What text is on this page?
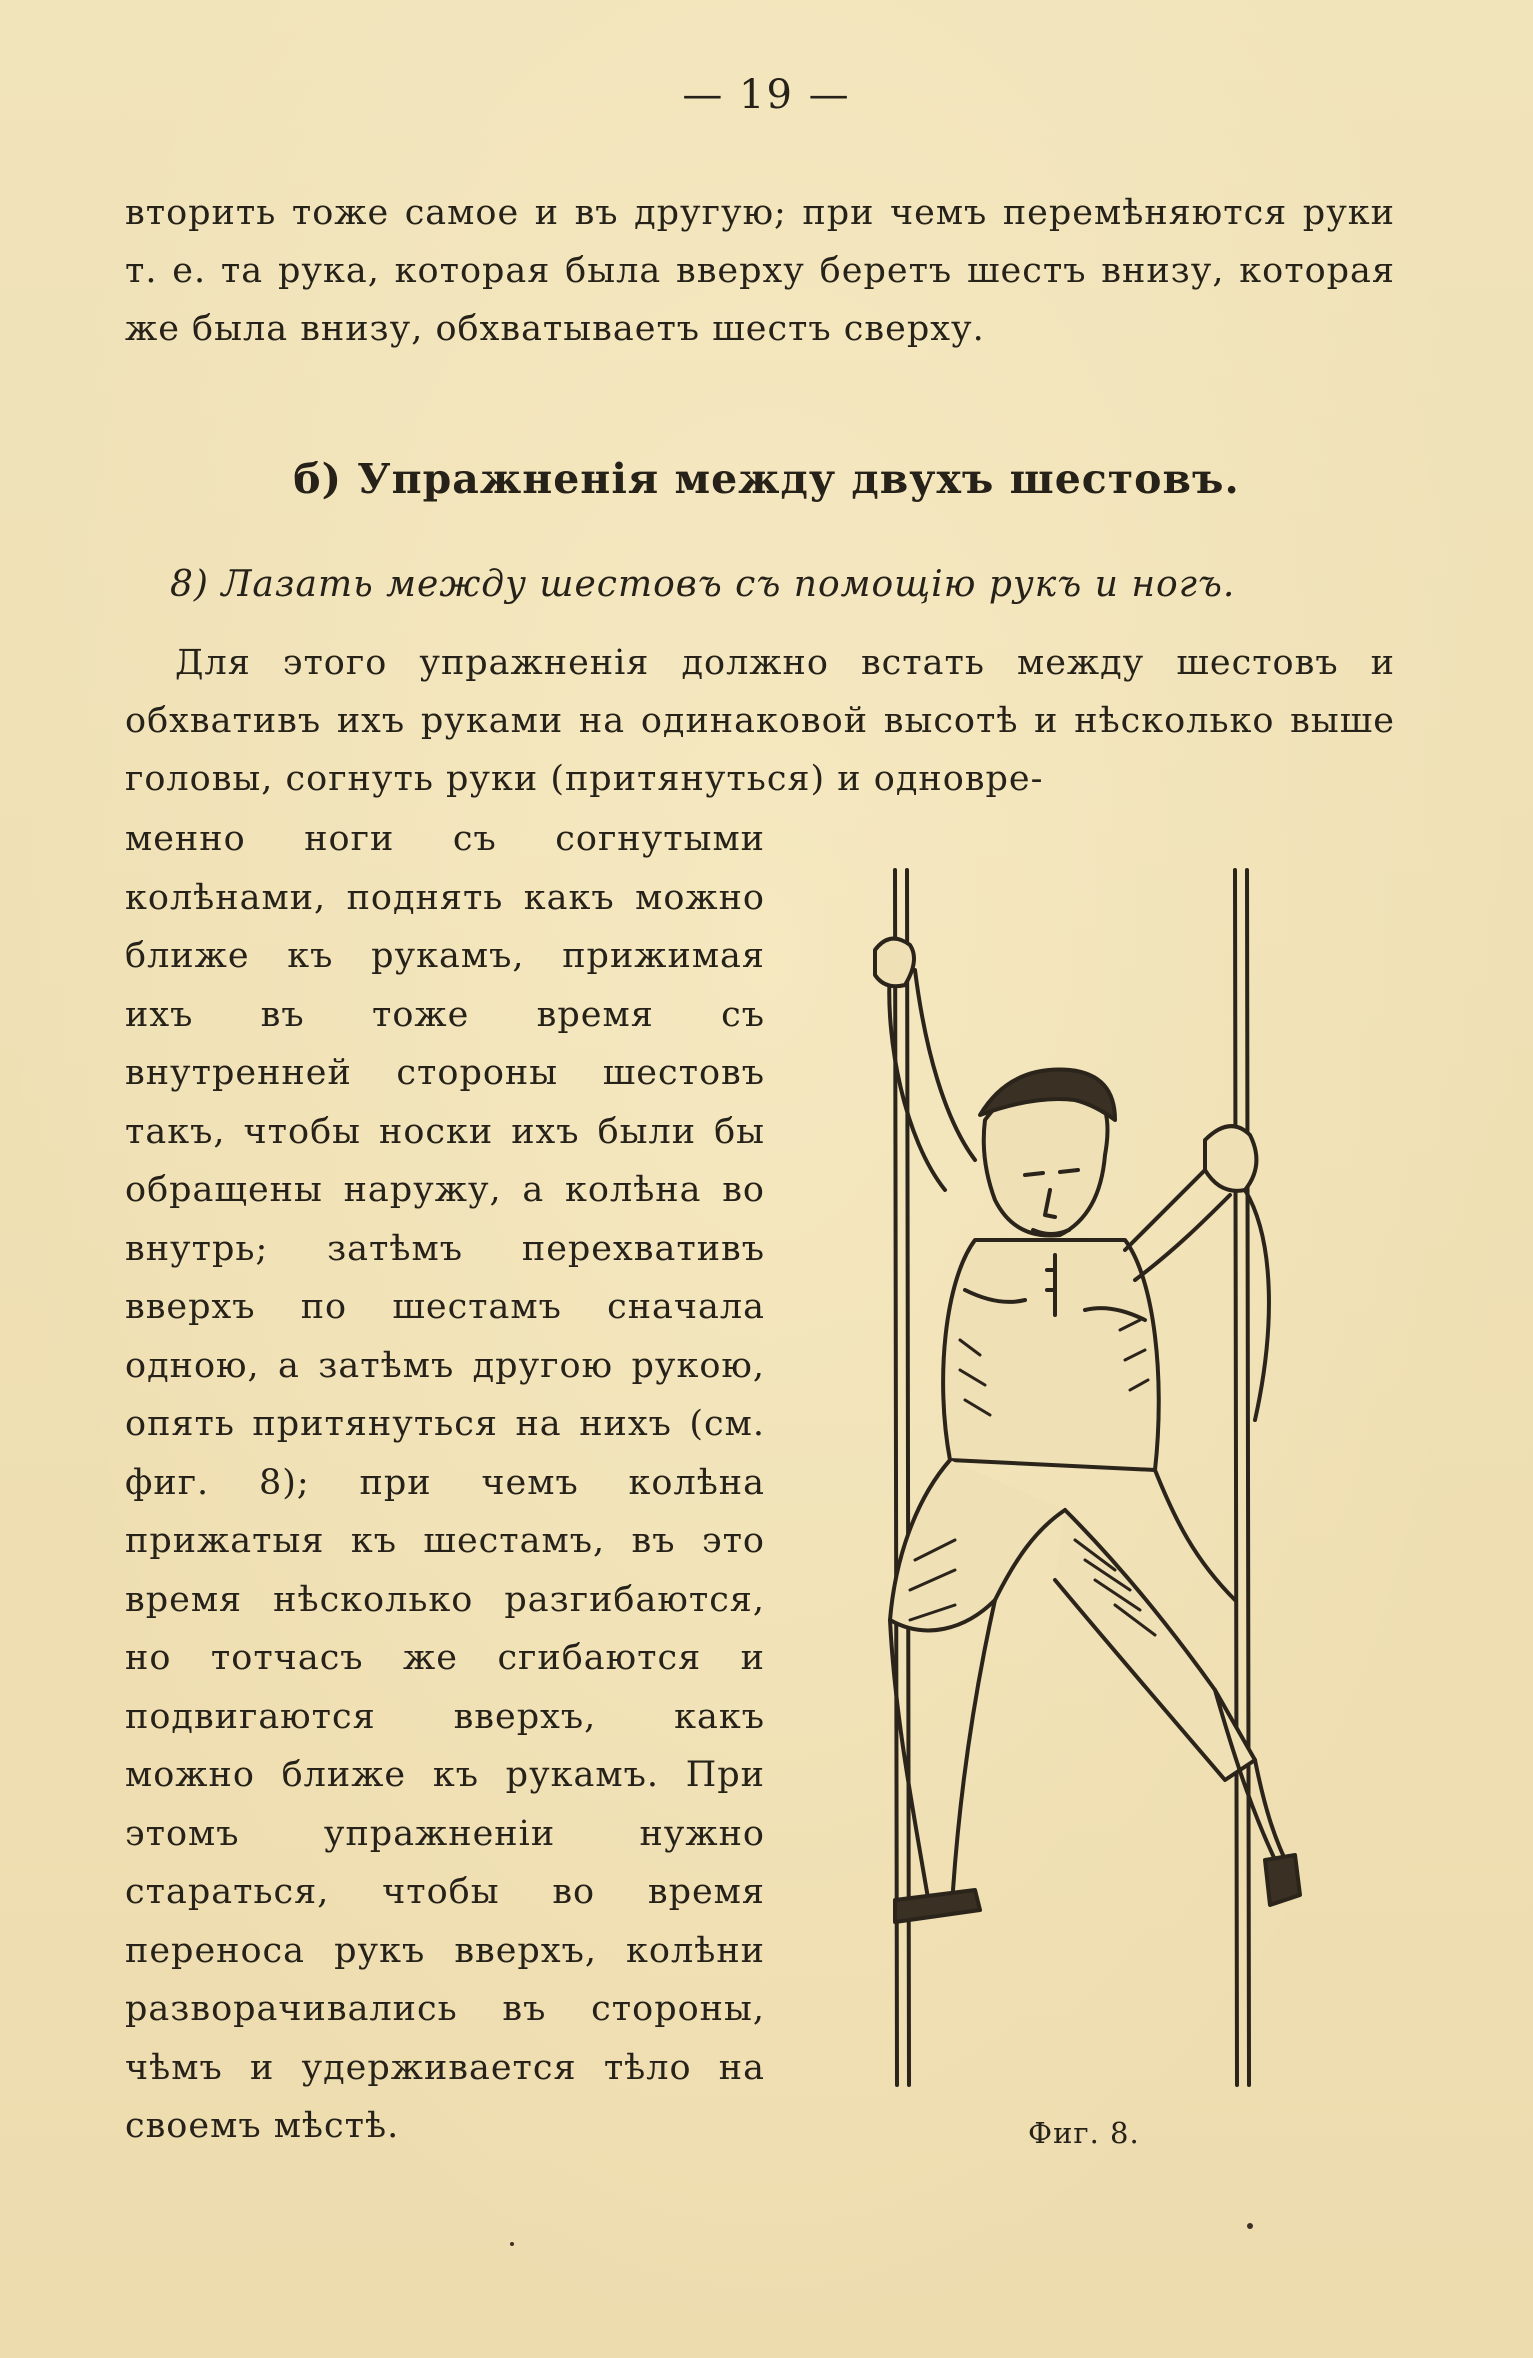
— 19 —
вторить тоже самое и въ другую; при чемъ перемѣняются руки т. е. та рука, которая была вверху беретъ шестъ внизу, которая же была внизу, обхватываетъ шестъ сверху.
б) Упражненія между двухъ шестовъ.
8) Лазать между шестовъ съ помощію рукъ и ногъ.
Для этого упражненія должно встать между шестовъ и обхвативъ ихъ руками на одинаковой высотѣ и нѣсколько выше головы, согнуть руки (притянуться) и одновре-
менно ноги съ согнутыми колѣнами, поднять какъ можно ближе къ рукамъ, прижимая ихъ въ тоже время съ внутренней стороны шестовъ такъ, чтобы носки ихъ были бы обращены наружу, а колѣна во внутрь; затѣмъ перехвативъ вверхъ по шестамъ сначала одною, а затѣмъ другою рукою, опять притянуться на нихъ (см. фиг. 8); при чемъ колѣна прижатыя къ шестамъ, въ это время нѣсколько разгибаются, но тотчасъ же сгибаются и подвигаются вверхъ, какъ можно ближе къ рукамъ. При этомъ упражненіи нужно стараться, чтобы во время переноса рукъ вверхъ, колѣни разворачивались въ стороны, чѣмъ и удерживается тѣло на своемъ мѣстѣ.	Фиг. 8.
